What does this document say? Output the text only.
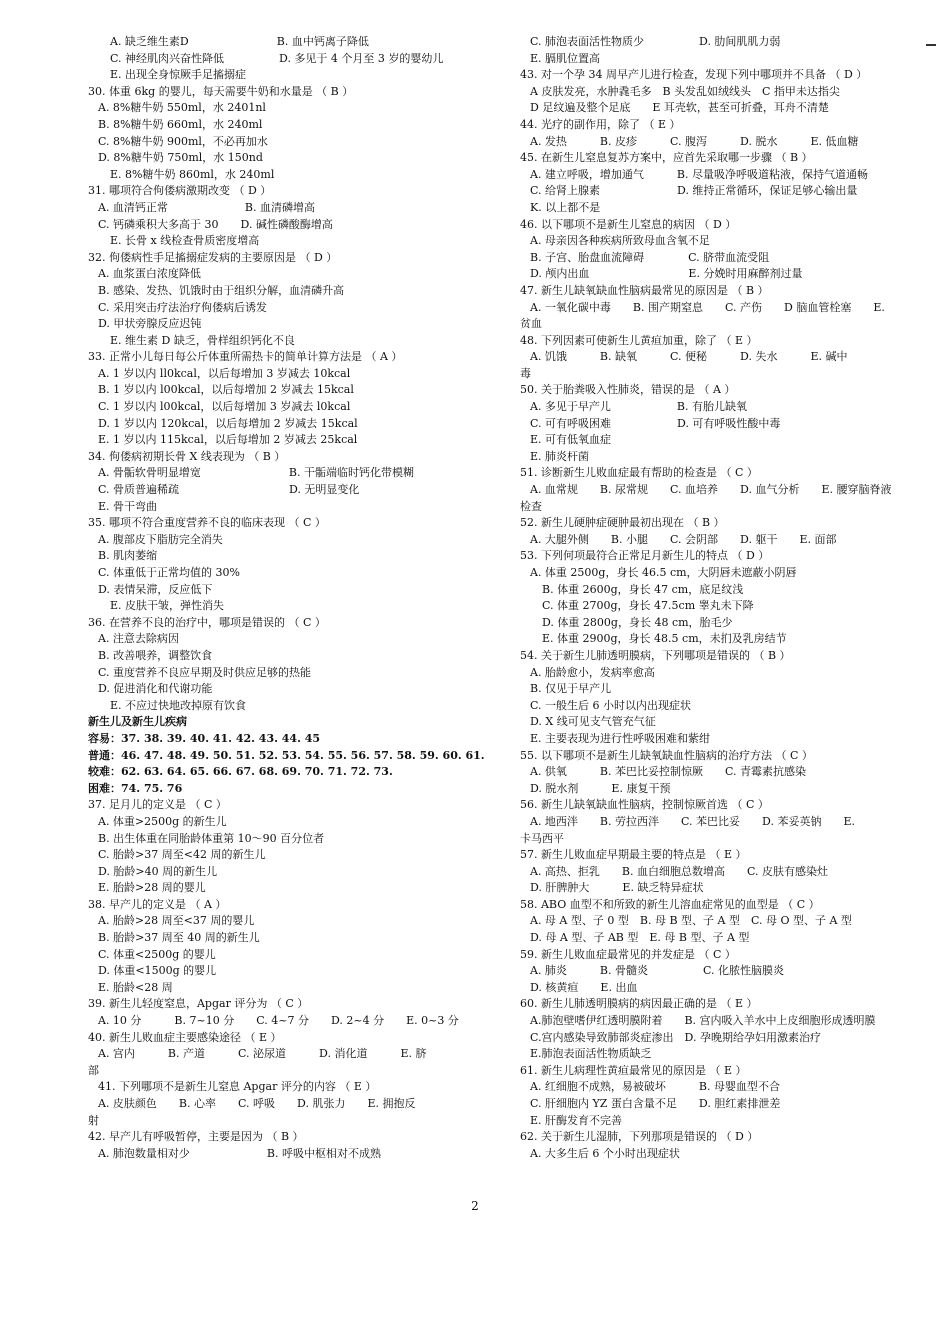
A. 缺乏维生素D　　　　　　　　B. 血中钙离子降低
C. 神经肌肉兴奋性降低　　　　　D. 多见于 4 个月至 3 岁的婴幼儿
E. 出现全身惊厥手足搐搦症
30. 体重 6kg 的婴儿，每天需要牛奶和水量是 （ B ）
A. 8%糖牛奶 550ml，水 2401nl
B. 8%糖牛奶 660ml，水 240ml
C. 8%糖牛奶 900ml，不必再加水
D. 8%糖牛奶 750ml，水 150nd
E. 8%糖牛奶 860ml，水 240ml
31. 哪项符合佝偻病激期改变 （ D ）
A. 血清钙正常　　　　　　　B. 血清磷增高
C. 钙磷乘积大多高于 30　　D. 碱性磷酸酶增高
E. 长骨 x 线检查骨质密度增高
32. 佝偻病性手足搐搦症发病的主要原因是 （ D ）
A. 血浆蛋白浓度降低
B. 感染、发热、饥饿时由于组织分解，血清磷升高
C. 采用突击疗法治疗佝偻病后诱发
D. 甲状旁腺反应迟钝
E. 维生素 D 缺乏，骨样组织钙化不良
33. 正常小儿每日每公斤体重所需热卡的简单计算方法是 （ A ）
A. 1 岁以内 ll0kcal，以后每增加 3 岁减去 10kcal
B. 1 岁以内 l00kcal，以后每增加 2 岁减去 15kcal
C. 1 岁以内 l00kcal，以后每增加 3 岁减去 l0kcal
D. 1 岁以内 120kcal，以后每增加 2 岁减去 15kcal
E. 1 岁以内 115kcal，以后每增加 2 岁减去 25kcal
34. 佝偻病初期长骨 X 线表现为 （ B ）
A. 骨骺软骨明显增宽　　　　　　　　B. 干骺端临时钙化带模糊
C. 骨质普遍稀疏　　　　　　　　　　D. 无明显变化
E. 骨干弯曲
35. 哪项不符合重度营养不良的临床表现 （ C ）
A. 腹部皮下脂肪完全消失
B. 肌肉萎缩
C. 体重低于正常均值的 30%
D. 表情呆滞，反应低下
E. 皮肤干皱，弹性消失
36. 在营养不良的治疗中，哪项是错误的 （ C ）
A. 注意去除病因
B. 改善喂养，调整饮食
C. 重度营养不良应早期及时供应足够的热能
D. 促进消化和代谢功能
E. 不应过快地改掉原有饮食
新生儿及新生儿疾病
容易：37. 38. 39. 40. 41. 42. 43. 44. 45
普通：46. 47. 48. 49. 50. 51. 52. 53. 54. 55. 56. 57. 58. 59. 60. 61.
较难：62. 63. 64. 65. 66. 67. 68. 69. 70. 71. 72. 73.
困难：74. 75. 76
37. 足月儿的定义是 （ C ）
A. 体重>2500g 的新生儿
B. 出生体重在同胎龄体重第 10～90 百分位者
C. 胎龄>37 周至<42 周的新生儿
D. 胎龄>40 周的新生儿
E. 胎龄>28 周的婴儿
38. 早产儿的定义是 （ A ）
A. 胎龄>28 周至<37 周的婴儿
B. 胎龄>37 周至 40 周的新生儿
C. 体重<2500g 的婴儿
D. 体重<1500g 的婴儿
E. 胎龄<28 周
39. 新生儿轻度窒息，Apgar 评分为 （ C ）
A. 10 分　　　B. 7~10 分　　C. 4~7 分　　D. 2~4 分　　E. 0~3 分
40. 新生儿败血症主要感染途径 （ E ）
A. 宫内　　　B. 产道　　　C. 泌尿道　　　D. 消化道　　　E. 脐
部
41. 下列哪项不是新生儿窒息 Apgar 评分的内容 （ E ）
A. 皮肤颜色　　B. 心率　　C. 呼吸　　D. 肌张力　　E. 拥抱反
射
42. 早产儿有呼吸暂停，主要是因为 （ B ）
A. 肺泡数量相对少　　　　　　　B. 呼吸中枢相对不成熟
C. 肺泡表面活性物质少　　　　　D. 肋间肌肌力弱
E. 膈肌位置高
43. 对一个孕 34 周早产儿进行检查，发现下列中哪项并不具备 （ D ）
A 皮肤发亮，水肿毳毛多　B 头发乱如绒线头　C 指甲未达指尖
D 足纹遍及整个足底　　E 耳壳软，甚至可折叠，耳舟不清楚
44. 光疗的副作用，除了 （ E ）
A. 发热　　　B. 皮疹　　　C. 腹泻　　　D. 脱水　　　E. 低血糖
45. 在新生儿窒息复苏方案中，应首先采取哪一步骤 （ B ）
A. 建立呼吸，增加通气　　　B. 尽量吸净呼吸道粘液，保持气道通畅
C. 给肾上腺素　　　　　　　D. 维持正常循环，保证足够心输出量
K. 以上都不是
46. 以下哪项不是新生儿窒息的病因 （ D ）
A. 母亲因各种疾病所致母血含氧不足
B. 子宫、胎盘血流障碍　　　　C. 脐带血流受阻
D. 颅内出血　　　　　　　　　E. 分娩时用麻醉剂过量
47. 新生儿缺氧缺血性脑病最常见的原因是 （ B ）
A. 一氧化碳中毒　　B. 围产期窒息　　C. 产伤　　D 脑血管栓塞　　E.
贫血
48. 下列因素可使新生儿黄疸加重，除了 （ E ）
A. 饥饿　　　B. 缺氧　　　C. 便秘　　　D. 失水　　　E. 碱中
毒
50. 关于胎粪吸入性肺炎，错误的是 （ A ）
A. 多见于早产儿　　　　　　B. 有胎儿缺氧
C. 可有呼吸困难　　　　　　D. 可有呼吸性酸中毒
E. 可有低氧血症
E. 肺炎杆菌
51. 诊断新生儿败血症最有帮助的检查是 （ C ）
A. 血常规　　B. 尿常规　　C. 血培养　　D. 血气分析　　E. 腰穿脑脊液
检查
52. 新生儿硬肿症硬肿最初出现在 （ B ）
A. 大腿外侧　　B. 小腿　　C. 会阴部　　D. 躯干　　E. 面部
53. 下列何项最符合正常足月新生儿的特点 （ D ）
A. 体重 2500g，身长 46.5 cm，大阴唇未遮蔽小阴唇
B. 体重 2600g，身长 47 cm，底足纹浅
C. 体重 2700g，身长 47.5cm 睾丸未下降
D. 体重 2800g，身长 48 cm，胎毛少
E. 体重 2900g，身长 48.5 cm，未扪及乳房结节
54. 关于新生儿肺透明膜病，下列哪项是错误的 （ B ）
A. 胎龄愈小，发病率愈高
B. 仅见于早产儿
C. 一般生后 6 小时以内出现症状
D. X 线可见支气管充气征
E. 主要表现为进行性呼吸困难和紫绀
55. 以下哪项不是新生儿缺氧缺血性脑病的治疗方法 （ C ）
A. 供氧　　　B. 苯巴比妥控制惊厥　　C. 青霉素抗感染
D. 脱水剂　　　E. 康复干预
56. 新生儿缺氧缺血性脑病，控制惊厥首选 （ C ）
A. 地西泮　　B. 劳拉西泮　　C. 苯巴比妥　　D. 苯妥英钠　　E.
卡马西平
57. 新生儿败血症早期最主要的特点是 （ E ）
A. 高热、拒乳　　B. 血白细胞总数增高　　C. 皮肤有感染灶
D. 肝脾肿大　　　E. 缺乏特异症状
58. ABO 血型不和所致的新生儿溶血症常见的血型是 （ C ）
A. 母 A 型、子 0 型　B. 母 B 型、子 A 型　C. 母 O 型、子 A 型
D. 母 A 型、子 AB 型　E. 母 B 型、子 A 型
59. 新生儿败血症最常见的并发症是 （ C ）
A. 肺炎　　　B. 骨髓炎　　　　　C. 化脓性脑膜炎
D. 核黄疸　　E. 出血
60. 新生儿肺透明膜病的病因最正确的是 （ E ）
A.肺泡壁嗜伊红透明膜附着　　B. 宫内吸入羊水中上皮细胞形成透明膜
C.宫内感染导致肺部炎症渗出　D. 孕晚期给孕妇用激素治疗
E.肺泡表面活性物质缺乏
61. 新生儿病理性黄疸最常见的原因是 （ E ）
A. 红细胞不成熟，易被破坏　　　B. 母婴血型不合
C. 肝细胞内 YZ 蛋白含量不足　　D. 胆红素排泄差
E. 肝酶发育不完善
62. 关于新生儿湿肺，下列那项是错误的 （ D ）
A. 大多生后 6 个小时出现症状
2
